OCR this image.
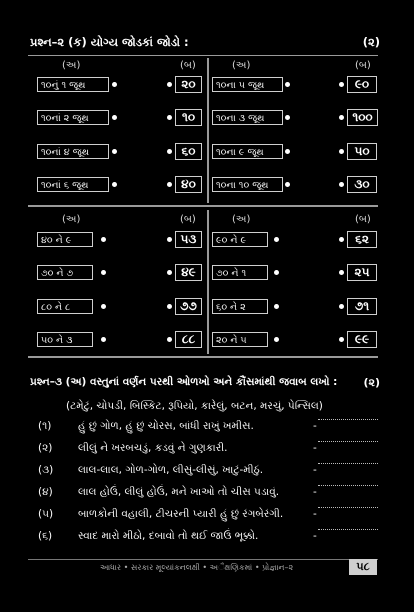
પ્રશ્ન–૨ (ક) યોગ્ય જોડકાં જોડો :	(૨)
(અ)	(બ)	(અ)	(બ)
૧૦નું ૧ જૂથ	૨૦
૧૦નાં ૨ જૂથ	૧૦
૧૦નાં ૪ જૂથ	૬૦
૧૦નાં ૬ જૂથ	૪૦
૧૦ના ૫ જૂથ	૯૦
૧૦ના ૩ જૂથ	૧૦૦
૧૦ના ૯ જૂથ	૫૦
૧૦ના ૧૦ જૂથ	૩૦
(અ)	(બ)	(અ)	(બ)
૪૦ ને ૯	૫૩
૭૦ ને ૭	૪૯
૮૦ ને ૮	૭૭
૫૦ ને ૩	૮૮
૯૦ ને ૯	૬૨
૭૦ ને ૧	૨૫
૬૦ ને ૨	૭૧
૨૦ ને ૫	૯૯
પ્રશ્ન–૩ (અ) વસ્તુનાં વર્ણન પરથી ઓળખો અને કૌંસમાંથી જવાબ લખો : (૨)
(ટમેટું, ચોપડી, બિસ્કિટ, રૂપિયો, કારેલું, બટન, મરચું, પેન્સિલ)
(૧)	હું છું ગોળ, હું છું ચોરસ, બાંધી રાખું ખમીસ.	-
(૨) લીલું ને ખરબચડું, કડવું ને ગુણકારી.	-
(૩) લાલ-લાલ, ગોળ-ગોળ, લીસું-લીસું, ખાટું-મીઠું.	-
(૪) લાલ હોઉં, લીલું હોઉં, મને ખાઓ તો ચીસ પડાવું.	-
(૫) બાળકોની વહાલી, ટીચરની પ્યારી હું છું રંગબેરંગી.	-
(૬) સ્વાદ મારો મીઠો, દબાવો તો થઈ જાઉં ભૂક્કો.	-
આધાર • સરકાર મૂલ્યાંકનલક્ષી • અૈક્ષણિકમાં • પ્રોજ્ઞાન–૨	૫૮
